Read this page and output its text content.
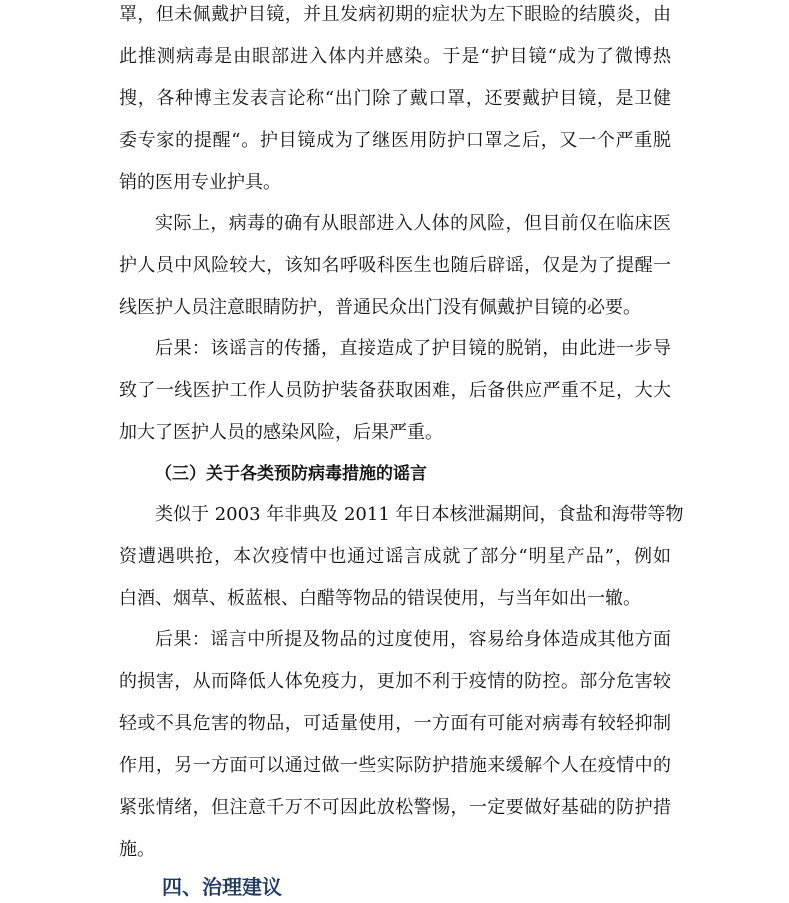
罩，但未佩戴护目镜，并且发病初期的症状为左下眼睑的结膜炎，由

此推测病毒是由眼部进入体内并感染。于是“护目镜“成为了微博热

搜，各种博主发表言论称“出门除了戴口罩，还要戴护目镜，是卫健

委专家的提醒“。护目镜成为了继医用防护口罩之后，又一个严重脱

销的医用专业护具。

实际上，病毒的确有从眼部进入人体的风险，但目前仅在临床医

护人员中风险较大，该知名呼吸科医生也随后辟谣，仅是为了提醒一

线医护人员注意眼睛防护，普通民众出门没有佩戴护目镜的必要。

后果：该谣言的传播，直接造成了护目镜的脱销，由此进一步导

致了一线医护工作人员防护装备获取困难，后备供应严重不足，大大

加大了医护人员的感染风险，后果严重。

（三）关于各类预防病毒措施的谣言

类似于 2003 年非典及 2011 年日本核泄漏期间，食盐和海带等物

资遭遇哄抢，本次疫情中也通过谣言成就了部分“明星产品”，例如

白酒、烟草、板蓝根、白醋等物品的错误使用，与当年如出一辙。

后果：谣言中所提及物品的过度使用，容易给身体造成其他方面

的损害，从而降低人体免疫力，更加不利于疫情的防控。部分危害较

轻或不具危害的物品，可适量使用，一方面有可能对病毒有较轻抑制

作用，另一方面可以通过做一些实际防护措施来缓解个人在疫情中的

紧张情绪，但注意千万不可因此放松警惕，一定要做好基础的防护措

施。

四、治理建议
